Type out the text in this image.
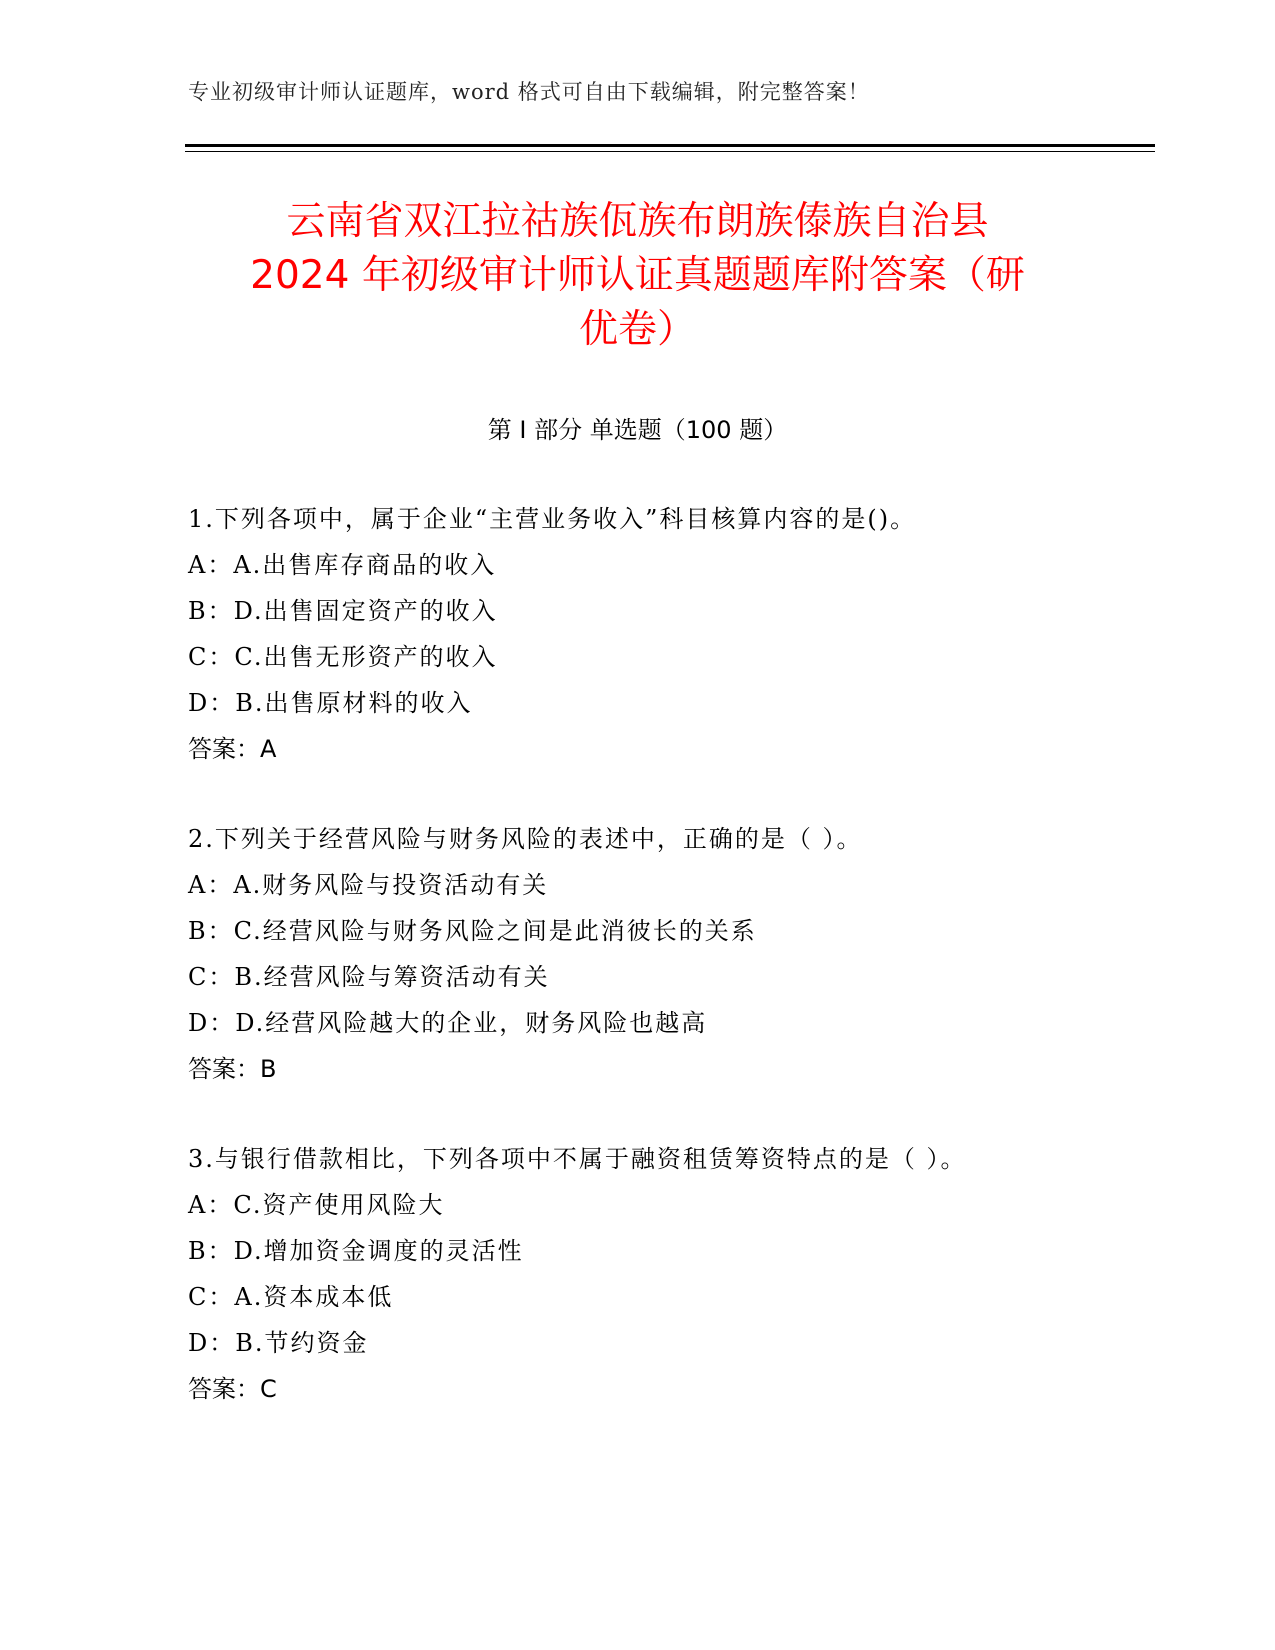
专业初级审计师认证题库，word 格式可自由下载编辑，附完整答案！
云南省双江拉祜族佤族布朗族傣族自治县
2024 年初级审计师认证真题题库附答案（研
优卷）
第 I 部分 单选题（100 题）
1.下列各项中，属于企业“主营业务收入”科目核算内容的是()。
A：A.出售库存商品的收入
B：D.出售固定资产的收入
C：C.出售无形资产的收入
D：B.出售原材料的收入
答案：A
2.下列关于经营风险与财务风险的表述中，正确的是（ ）。
A：A.财务风险与投资活动有关
B：C.经营风险与财务风险之间是此消彼长的关系
C：B.经营风险与筹资活动有关
D：D.经营风险越大的企业，财务风险也越高
答案：B
3.与银行借款相比，下列各项中不属于融资租赁筹资特点的是（ ）。
A：C.资产使用风险大
B：D.增加资金调度的灵活性
C：A.资本成本低
D：B.节约资金
答案：C
